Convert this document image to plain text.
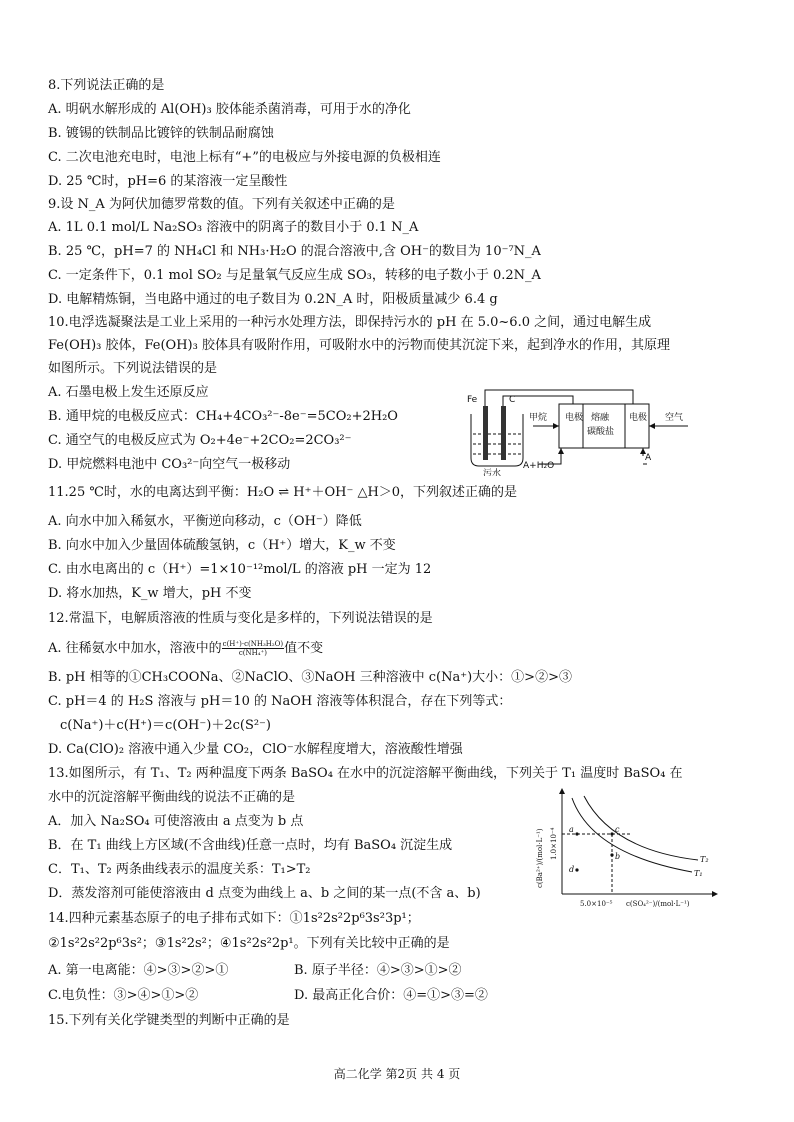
8.下列说法正确的是
A. 明矾水解形成的 Al(OH)₃ 胶体能杀菌消毒，可用于水的净化
B. 镀锡的铁制品比镀锌的铁制品耐腐蚀
C. 二次电池充电时，电池上标有“+”的电极应与外接电源的负极相连
D. 25 ℃时，pH=6 的某溶液一定呈酸性
9.设 N_A 为阿伏加德罗常数的值。下列有关叙述中正确的是
A. 1L 0.1 mol/L Na₂SO₃ 溶液中的阴离子的数目小于 0.1 N_A
B. 25 ℃，pH=7 的 NH₄Cl 和 NH₃·H₂O 的混合溶液中,含 OH⁻的数目为 10⁻⁷N_A
C. 一定条件下，0.1 mol SO₂ 与足量氧气反应生成 SO₃，转移的电子数小于 0.2N_A
D. 电解精炼铜，当电路中通过的电子数目为 0.2N_A 时，阳极质量减少 6.4 g
10.电浮选凝聚法是工业上采用的一种污水处理方法，即保持污水的 pH 在 5.0~6.0 之间，通过电解生成
Fe(OH)₃ 胶体，Fe(OH)₃ 胶体具有吸附作用，可吸附水中的污物而使其沉淀下来，起到净水的作用，其原理
如图所示。下列说法错误的是
A. 石墨电极上发生还原反应
B. 通甲烷的电极反应式：CH₄+4CO₃²⁻-8e⁻=5CO₂+2H₂O
C. 通空气的电极反应式为 O₂+4e⁻+2CO₂=2CO₃²⁻
D. 甲烷燃料电池中 CO₃²⁻向空气一极移动
Fe	C
甲烷	空气
电极	电极
熔融
碳酸盐
污水
A
A+H₂O
11.25 ℃时，水的电离达到平衡：H₂O ⇌ H⁺＋OH⁻ △H＞0，下列叙述正确的是
A. 向水中加入稀氨水，平衡逆向移动，c（OH⁻）降低
B. 向水中加入少量固体硫酸氢钠，c（H⁺）增大，K_w 不变
C. 由水电离出的 c（H⁺）=1×10⁻¹²mol/L 的溶液 pH 一定为 12
D. 将水加热，K_w 增大，pH 不变
12.常温下，电解质溶液的性质与变化是多样的，下列说法错误的是
A. 往稀氨水中加水，溶液中的 $\frac{\text{c(H⁺)·c(NH₃H₂O)}}{\text{c(NH₄⁺)}}$ 值不变
B. pH 相等的①CH₃COONa、②NaClO、③NaOH 三种溶液中 c(Na⁺)大小：①>②>③
C. pH＝4 的 H₂S 溶液与 pH＝10 的 NaOH 溶液等体积混合，存在下列等式：
c(Na⁺)＋c(H⁺)＝c(OH⁻)＋2c(S²⁻)
D. Ca(ClO)₂ 溶液中通入少量 CO₂，ClO⁻水解程度增大，溶液酸性增强
13.如图所示，有 T₁、T₂ 两种温度下两条 BaSO₄ 在水中的沉淀溶解平衡曲线，下列关于 T₁ 温度时 BaSO₄ 在
水中的沉淀溶解平衡曲线的说法不正确的是
A．加入 Na₂SO₄ 可使溶液由 a 点变为 b 点
B．在 T₁ 曲线上方区域(不含曲线)任意一点时，均有 BaSO₄ 沉淀生成
C．T₁、T₂ 两条曲线表示的温度关系：T₁>T₂
D．蒸发溶剂可能使溶液由 d 点变为曲线上 a、b 之间的某一点(不含 a、b)
a
b
c
d
T₂
T₁
5.0×10⁻⁵ c(SO₄²⁻)/(mol·L⁻¹)
1.0×10⁻⁴
c(Ba²⁺)/(mol·L⁻¹)
14.四种元素基态原子的电子排布式如下：①1s²2s²2p⁶3s²3p¹；
②1s²2s²2p⁶3s²；③1s²2s²；④1s²2s²2p¹。下列有关比较中正确的是
A. 第一电离能：④>③>②>①	B. 原子半径：④>③>①>②
C.电负性：③>④>①>②	D. 最高正化合价：④=①>③=②
15.下列有关化学键类型的判断中正确的是
高二化学 第2页 共 4 页
